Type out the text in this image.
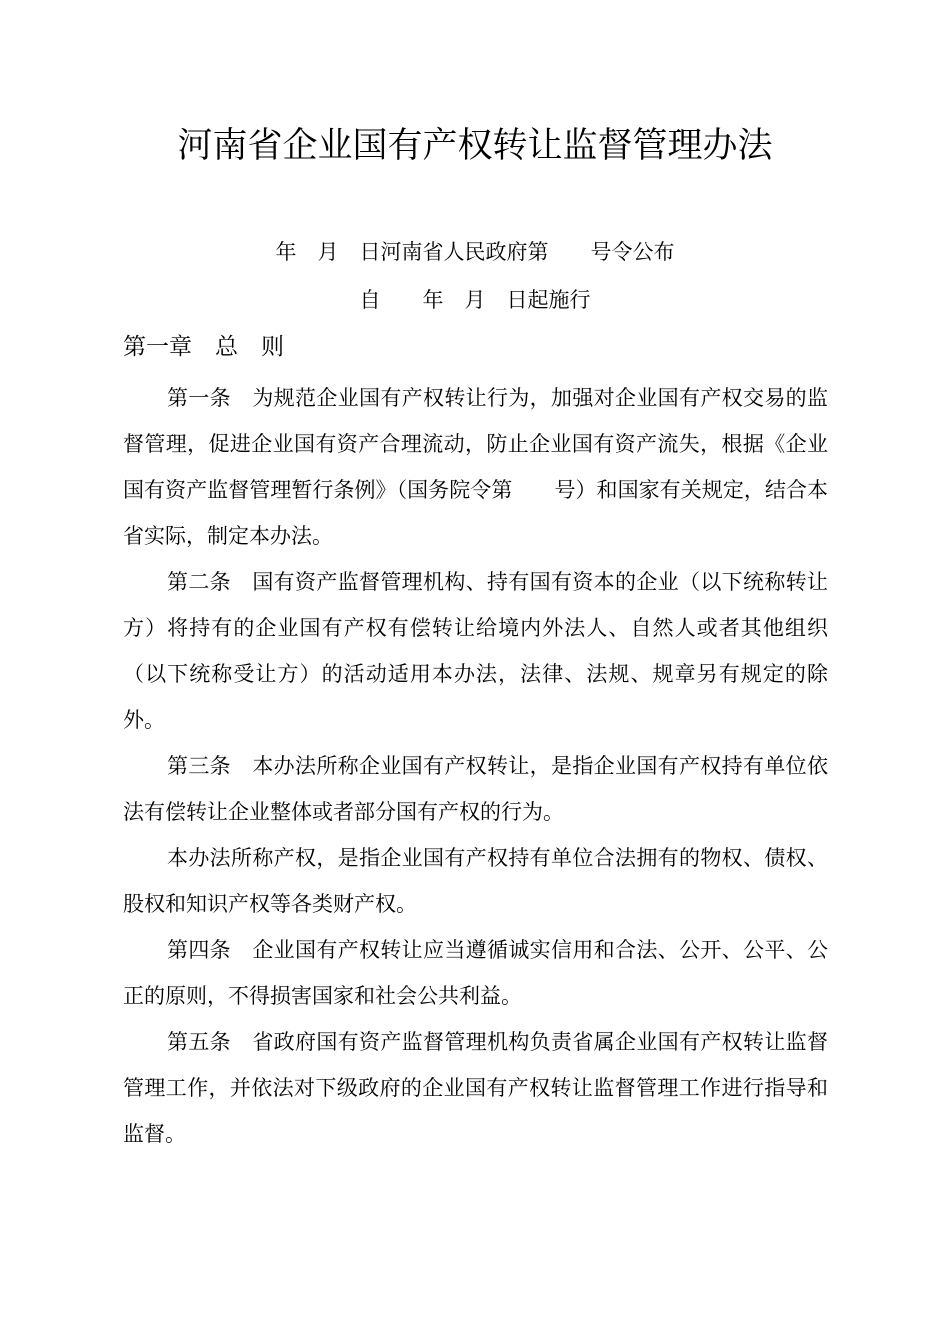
河南省企业国有产权转让监督管理办法
年　月　日河南省人民政府第　　号令公布
自　　年　月　日起施行
第一章　总　则

第一条　为规范企业国有产权转让行为，加强对企业国有产权交易的监督管理，促进企业国有资产合理流动，防止企业国有资产流失，根据《企业国有资产监督管理暂行条例》（国务院令第　　号）和国家有关规定，结合本省实际，制定本办法。

第二条　国有资产监督管理机构、持有国有资本的企业（以下统称转让方）将持有的企业国有产权有偿转让给境内外法人、自然人或者其他组织（以下统称受让方）的活动适用本办法，法律、法规、规章另有规定的除外。

第三条　本办法所称企业国有产权转让，是指企业国有产权持有单位依法有偿转让企业整体或者部分国有产权的行为。

本办法所称产权，是指企业国有产权持有单位合法拥有的物权、债权、股权和知识产权等各类财产权。

第四条　企业国有产权转让应当遵循诚实信用和合法、公开、公平、公正的原则，不得损害国家和社会公共利益。

第五条　省政府国有资产监督管理机构负责省属企业国有产权转让监督管理工作，并依法对下级政府的企业国有产权转让监督管理工作进行指导和监督。
